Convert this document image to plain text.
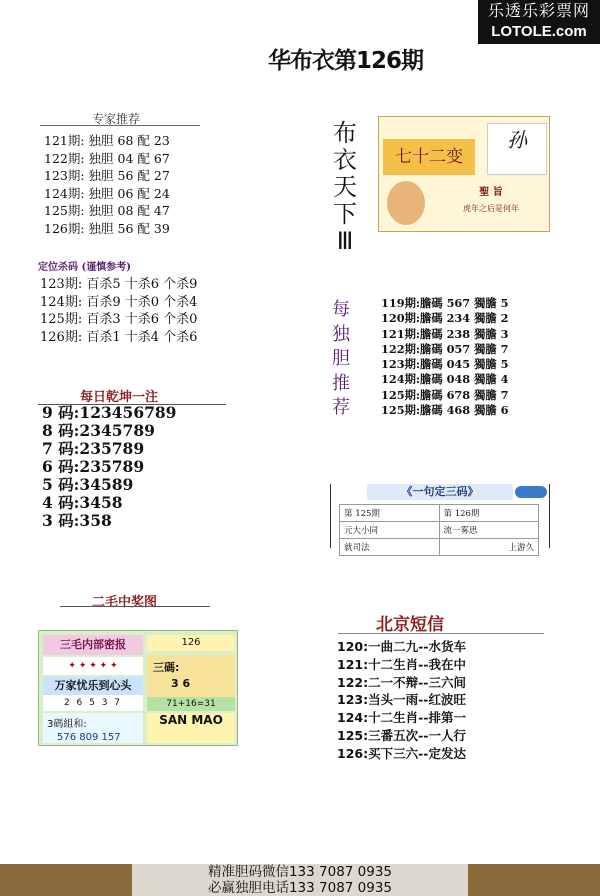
乐透乐彩票网
LOTOLE.com
华布衣第126期
专家推荐
121期: 独胆 68 配 23
122期: 独胆 04 配 67
123期: 独胆 56 配 27
124期: 独胆 06 配 24
125期: 独胆 08 配 47
126期: 独胆 56 配 39
定位杀码 (谨慎参考)
123期: 百杀5 十杀6 个杀9
124期: 百杀9 十杀0 个杀4
125期: 百杀3 十杀6 个杀0
126期: 百杀1 十杀4 个杀6
每日乾坤一注
9 码:123456789
8 码:2345789
7 码:235789
6 码:235789
5 码:34589
4 码:3458
3 码:358
二毛中奖图
三毛内部密报	126
✦ ✦ ✦ ✦ ✦	三碼:
3 6
万家忧乐到心头
2 6 5 3 7	71+16=31
3碼組和:
576 809 157
SAN MAO
布
衣
天
下
Ⅲ
七十二变
孙
聖 旨
虎年之后是何年
每
独
胆
推
荐
119期:膽碼 567 獨膽 5
120期:膽碼 234 獨膽 2
121期:膽碼 238 獨膽 3
122期:膽碼 057 獨膽 7
123期:膽碼 045 獨膽 5
124期:膽碼 048 獨膽 4
125期:膽碼 678 獨膽 7
125期:膽碼 468 獨膽 6
《一句定三码》
第 125期	第 126期
元大小同	流一雾思
就司法	上游久
北京短信
120:一曲二九--水货车
121:十二生肖--我在中
122:二一不辩--三六间
123:当头一雨--红波旺
124:十二生肖--排第一
125:三番五次--一人行
126:买下三六--定发达
精准胆码微信133 7087 0935
必赢独胆电话133 7087 0935
